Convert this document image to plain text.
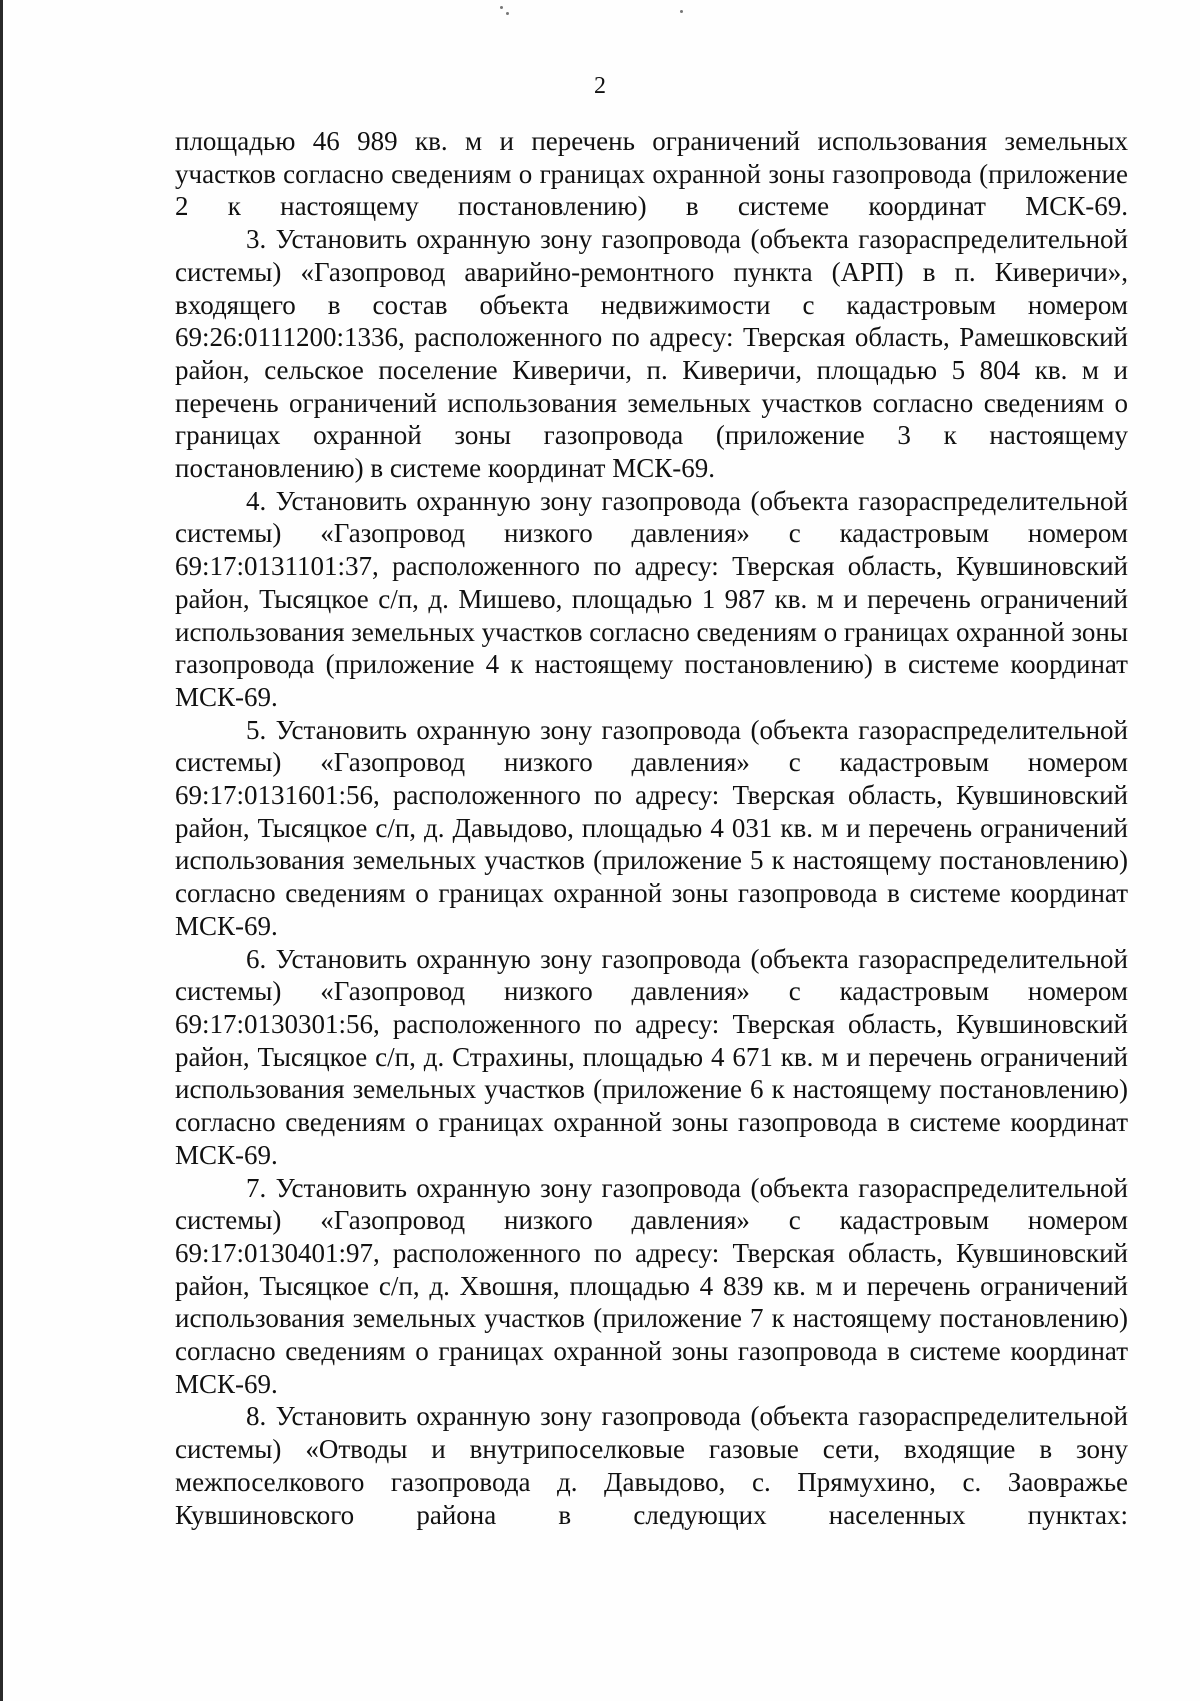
2

площадью 46 989 кв. м и перечень ограничений использования земельных участков согласно сведениям о границах охранной зоны газопровода (приложение 2 к настоящему постановлению) в системе координат МСК-69.

3. Установить охранную зону газопровода (объекта газораспределительной системы) «Газопровод аварийно-ремонтного пункта (АРП) в п. Киверичи», входящего в состав объекта недвижимости с кадастровым номером 69:26:0111200:1336, расположенного по адресу: Тверская область, Рамешковский район, сельское поселение Киверичи, п. Киверичи, площадью 5 804 кв. м и перечень ограничений использования земельных участков согласно сведениям о границах охранной зоны газопровода (приложение 3 к настоящему постановлению) в системе координат МСК-69.

4. Установить охранную зону газопровода (объекта газораспределительной системы) «Газопровод низкого давления» с кадастровым номером 69:17:0131101:37, расположенного по адресу: Тверская область, Кувшиновский район, Тысяцкое с/п, д. Мишево, площадью 1 987 кв. м и перечень ограничений использования земельных участков согласно сведениям о границах охранной зоны газопровода (приложение 4 к настоящему постановлению) в системе координат МСК-69.

5. Установить охранную зону газопровода (объекта газораспределительной системы) «Газопровод низкого давления» с кадастровым номером 69:17:0131601:56, расположенного по адресу: Тверская область, Кувшиновский район, Тысяцкое с/п, д. Давыдово, площадью 4 031 кв. м и перечень ограничений использования земельных участков (приложение 5 к настоящему постановлению) согласно сведениям о границах охранной зоны газопровода в системе координат МСК-69.

6. Установить охранную зону газопровода (объекта газораспределительной системы) «Газопровод низкого давления» с кадастровым номером 69:17:0130301:56, расположенного по адресу: Тверская область, Кувшиновский район, Тысяцкое с/п, д. Страхины, площадью 4 671 кв. м и перечень ограничений использования земельных участков (приложение 6 к настоящему постановлению) согласно сведениям о границах охранной зоны газопровода в системе координат МСК-69.

7. Установить охранную зону газопровода (объекта газораспределительной системы) «Газопровод низкого давления» с кадастровым номером 69:17:0130401:97, расположенного по адресу: Тверская область, Кувшиновский район, Тысяцкое с/п, д. Хвошня, площадью 4 839 кв. м и перечень ограничений использования земельных участков (приложение 7 к настоящему постановлению) согласно сведениям о границах охранной зоны газопровода в системе координат МСК-69.

8. Установить охранную зону газопровода (объекта газораспределительной системы) «Отводы и внутрипоселковые газовые сети, входящие в зону межпоселкового газопровода д. Давыдово, с. Прямухино, с. Заовражье Кувшиновского района в следующих населенных пунктах:
